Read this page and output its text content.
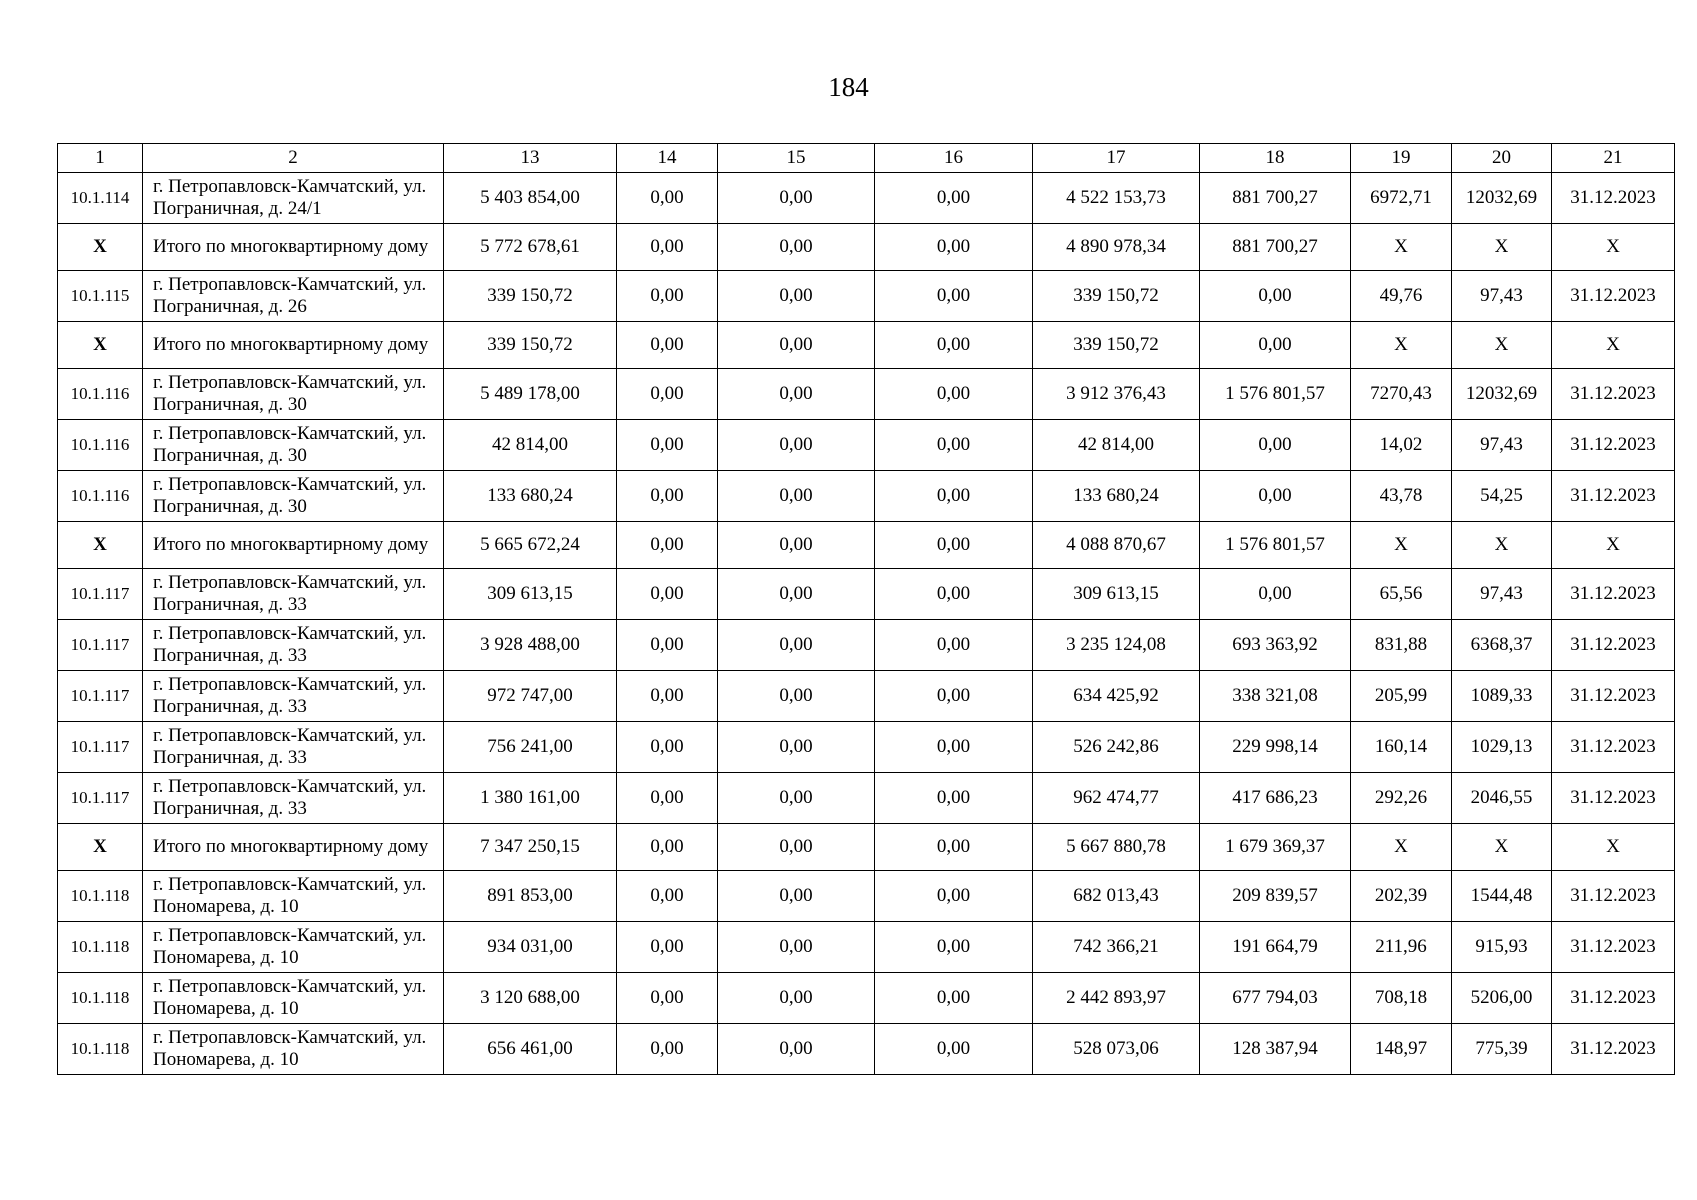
184
1	2	13	14	15	16	17	18	19	20	21
10.1.114	г. Петропавловск-Камчатский, ул. Пограничная, д. 24/1	5 403 854,00	0,00	0,00	0,00	4 522 153,73	881 700,27	6972,71	12032,69	31.12.2023
Х	Итого по многоквартирному дому	5 772 678,61	0,00	0,00	0,00	4 890 978,34	881 700,27	Х	Х	Х
10.1.115	г. Петропавловск-Камчатский, ул. Пограничная, д. 26	339 150,72	0,00	0,00	0,00	339 150,72	0,00	49,76	97,43	31.12.2023
Х	Итого по многоквартирному дому	339 150,72	0,00	0,00	0,00	339 150,72	0,00	Х	Х	Х
10.1.116	г. Петропавловск-Камчатский, ул. Пограничная, д. 30	5 489 178,00	0,00	0,00	0,00	3 912 376,43	1 576 801,57	7270,43	12032,69	31.12.2023
10.1.116	г. Петропавловск-Камчатский, ул. Пограничная, д. 30	42 814,00	0,00	0,00	0,00	42 814,00	0,00	14,02	97,43	31.12.2023
10.1.116	г. Петропавловск-Камчатский, ул. Пограничная, д. 30	133 680,24	0,00	0,00	0,00	133 680,24	0,00	43,78	54,25	31.12.2023
Х	Итого по многоквартирному дому	5 665 672,24	0,00	0,00	0,00	4 088 870,67	1 576 801,57	Х	Х	Х
10.1.117	г. Петропавловск-Камчатский, ул. Пограничная, д. 33	309 613,15	0,00	0,00	0,00	309 613,15	0,00	65,56	97,43	31.12.2023
10.1.117	г. Петропавловск-Камчатский, ул. Пограничная, д. 33	3 928 488,00	0,00	0,00	0,00	3 235 124,08	693 363,92	831,88	6368,37	31.12.2023
10.1.117	г. Петропавловск-Камчатский, ул. Пограничная, д. 33	972 747,00	0,00	0,00	0,00	634 425,92	338 321,08	205,99	1089,33	31.12.2023
10.1.117	г. Петропавловск-Камчатский, ул. Пограничная, д. 33	756 241,00	0,00	0,00	0,00	526 242,86	229 998,14	160,14	1029,13	31.12.2023
10.1.117	г. Петропавловск-Камчатский, ул. Пограничная, д. 33	1 380 161,00	0,00	0,00	0,00	962 474,77	417 686,23	292,26	2046,55	31.12.2023
Х	Итого по многоквартирному дому	7 347 250,15	0,00	0,00	0,00	5 667 880,78	1 679 369,37	Х	Х	Х
10.1.118	г. Петропавловск-Камчатский, ул. Пономарева, д. 10	891 853,00	0,00	0,00	0,00	682 013,43	209 839,57	202,39	1544,48	31.12.2023
10.1.118	г. Петропавловск-Камчатский, ул. Пономарева, д. 10	934 031,00	0,00	0,00	0,00	742 366,21	191 664,79	211,96	915,93	31.12.2023
10.1.118	г. Петропавловск-Камчатский, ул. Пономарева, д. 10	3 120 688,00	0,00	0,00	0,00	2 442 893,97	677 794,03	708,18	5206,00	31.12.2023
10.1.118	г. Петропавловск-Камчатский, ул. Пономарева, д. 10	656 461,00	0,00	0,00	0,00	528 073,06	128 387,94	148,97	775,39	31.12.2023
